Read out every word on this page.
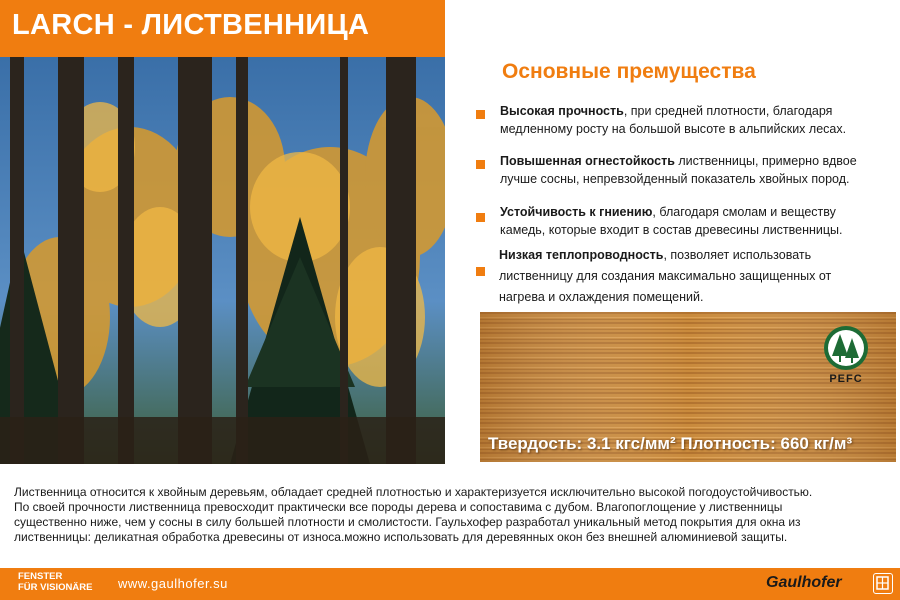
LARCH - ЛИСТВЕННИЦА
Основные премущества
Высокая прочность, при средней плотности, благодаря
медленному росту на большой высоте в альпийских лесах.
Повышенная огнестойкость лиственницы, примерно вдвое
лучше сосны, непревзойденный показатель хвойных пород.
Устойчивость к гниению, благодаря смолам и веществу
камедь, которые входит в состав древесины лиственницы.
Низкая теплопроводность, позволяет использовать
лиственницу для создания максимально защищенных от
нагрева и охлаждения помещений.
PEFC
Твердость: 3.1 кгс/мм² Плотность: 660 кг/м³
Лиственница относится к хвойным деревьям, обладает средней плотностью и характеризуется исключительно высокой погодоустойчивостью.
По своей прочности лиственница превосходит практически все породы дерева и сопоставима с дубом. Влагопоглощение у лиственницы
существенно ниже, чем у сосны в силу большей плотности и смолистости. Гаульхофер разработал уникальный метод покрытия для окна из
лиственницы: деликатная обработка древесины от износа.можно использовать для деревянных окон без внешней алюминиевой защиты.
FENSTER
FÜR VISIONÄRE www.gaulhofer.su	Gaulhofer
